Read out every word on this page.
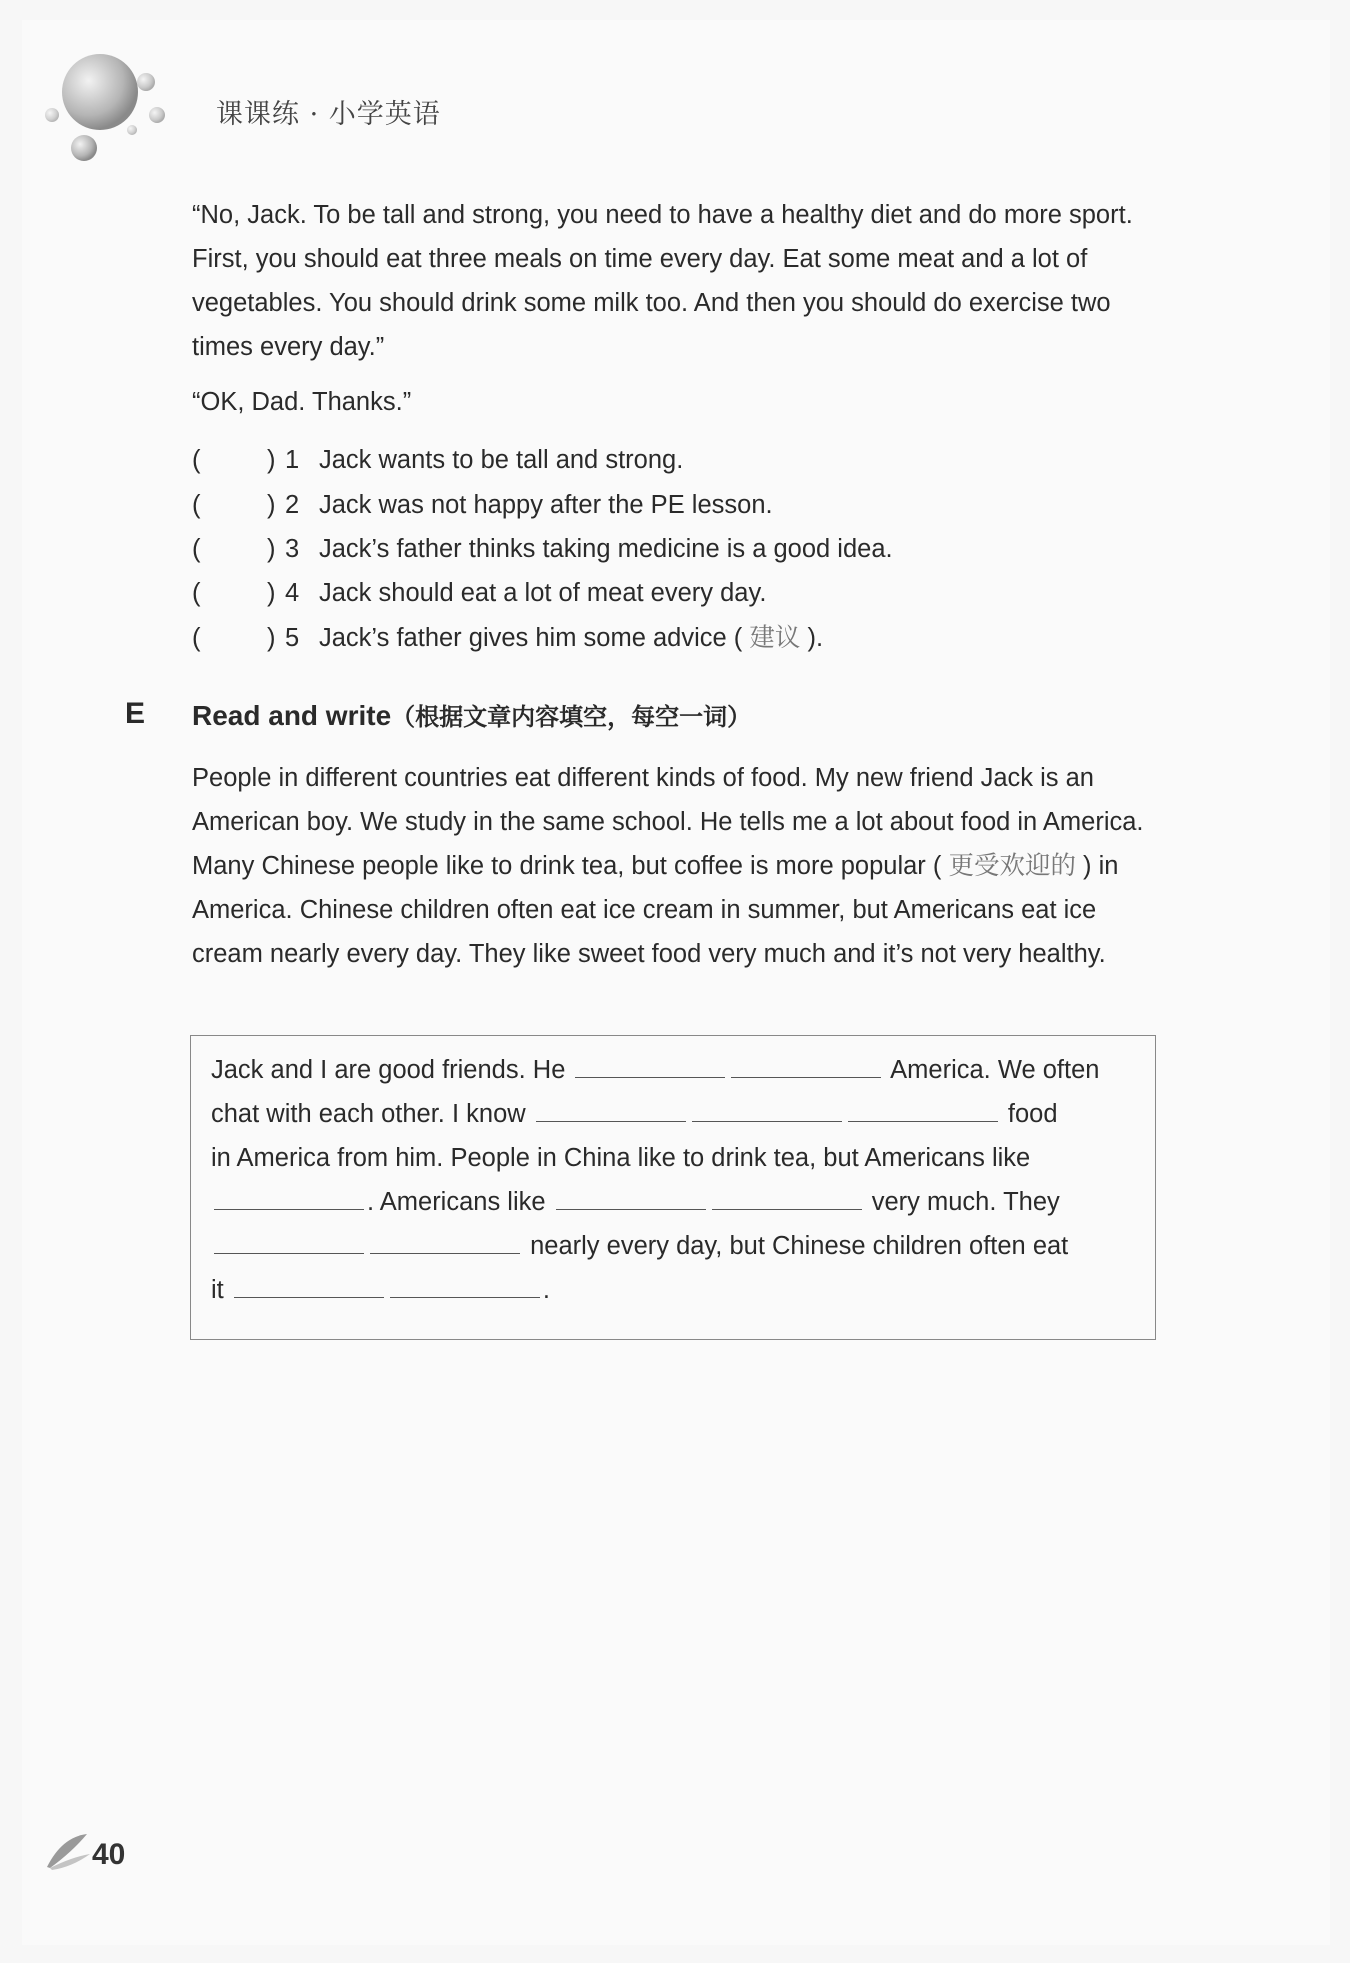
课课练 · 小学英语

“No, Jack. To be tall and strong, you need to have a healthy diet and do more sport. First, you should eat three meals on time every day. Eat some meat and a lot of vegetables. You should drink some milk too. And then you should do exercise two times every day.”

“OK, Dad. Thanks.”

(	) 1 Jack wants to be tall and strong.
(	) 2 Jack was not happy after the PE lesson.
(	) 3 Jack’s father thinks taking medicine is a good idea.
(	) 4 Jack should eat a lot of meat every day.
(	) 5 Jack’s father gives him some advice ( 建议 ).
E Read and write（根据文章内容填空，每空一词）

People in different countries eat different kinds of food. My new friend Jack is an American boy. We study in the same school. He tells me a lot about food in America. Many Chinese people like to drink tea, but coffee is more popular ( 更受欢迎的 ) in America. Chinese children often eat ice cream in summer, but Americans eat ice cream nearly every day. They like sweet food very much and it’s not very healthy.

Jack and I are good friends. He	America. We often
chat with each other. I know	food
in America from him. People in China like to drink tea, but Americans like
. Americans like	very much. They
nearly every day, but Chinese children often eat
it	.
40
